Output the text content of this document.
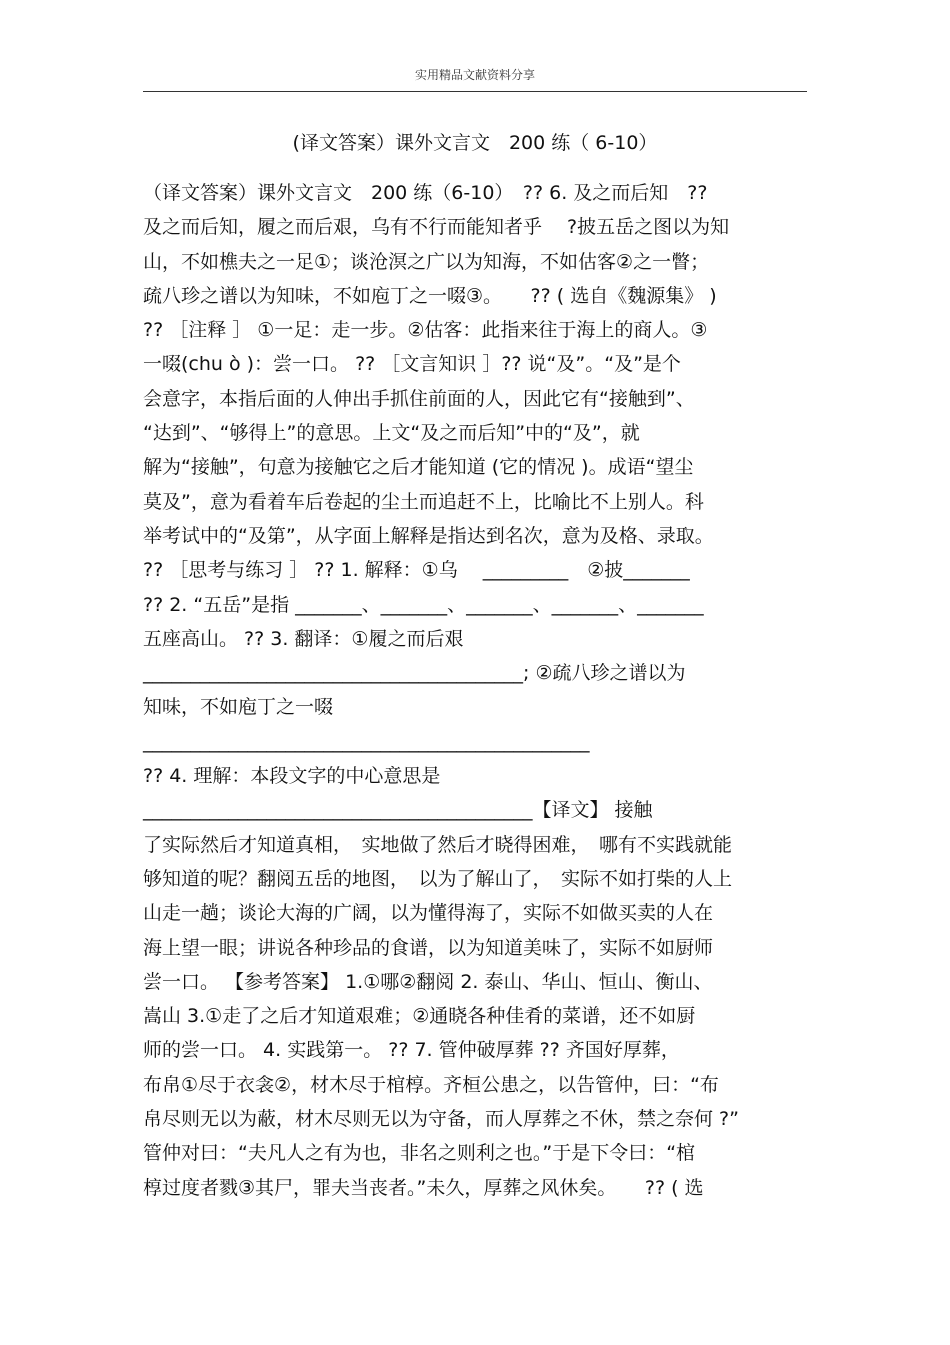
实用精品文献资料分享
(译文答案）课外文言文　200 练（ 6-10）
（译文答案）课外文言文　200 练（6-10）　?? 6. 及之而后知　??
及之而后知，履之而后艰，乌有不行而能知者乎　 ?披五岳之图以为知
山，不如樵夫之一足①；谈沧溟之广以为知海，不如估客②之一瞥；
疏八珍之谱以为知味，不如庖丁之一啜③。　　?? ( 选自《魏源集》 )
?? ［注释 ］ ①一足：走一步。②估客：此指来往于海上的商人。③
一啜(chu ò )：尝一口。 ?? ［文言知识 ］?? 说“及”。“及”是个
会意字，本指后面的人伸出手抓住前面的人，因此它有“接触到”、
“达到”、“够得上”的意思。上文“及之而后知”中的“及”，就
解为“接触”，句意为接触它之后才能知道 (它的情况 )。成语“望尘
莫及”，意为看着车后卷起的尘土而追赶不上，比喻比不上别人。科
举考试中的“及第”，从字面上解释是指达到名次，意为及格、录取。
?? ［思考与练习 ］ ?? 1. 解释：①乌　 _________　②披_______
?? 2. “五岳”是指 _______、_______、_______、_______、_______
五座高山。 ?? 3. 翻译：①履之而后艰
________________________________________; ②疏八珍之谱以为
知味，不如庖丁之一啜
_______________________________________________
?? 4. 理解：本段文字的中心意思是
_________________________________________【译文】 接触
了实际然后才知道真相，　实地做了然后才晓得困难，　哪有不实践就能
够知道的呢？翻阅五岳的地图，　以为了解山了，　实际不如打柴的人上
山走一趟；谈论大海的广阔，以为懂得海了，实际不如做买卖的人在
海上望一眼；讲说各种珍品的食谱，以为知道美味了，实际不如厨师
尝一口。 【参考答案】 1.①哪②翻阅 2. 泰山、华山、恒山、衡山、
嵩山 3.①走了之后才知道艰难；②通晓各种佳肴的菜谱，还不如厨
师的尝一口。 4. 实践第一。 ?? 7. 管仲破厚葬 ?? 齐国好厚葬，
布帛①尽于衣衾②，材木尽于棺椁。齐桓公患之，以告管仲，曰：“布
帛尽则无以为蔽，材木尽则无以为守备，而人厚葬之不休，禁之奈何 ?”
管仲对曰：“夫凡人之有为也，非名之则利之也。”于是下令曰：“棺
椁过度者戮③其尸，罪夫当丧者。”未久，厚葬之风休矣。　　?? ( 选
